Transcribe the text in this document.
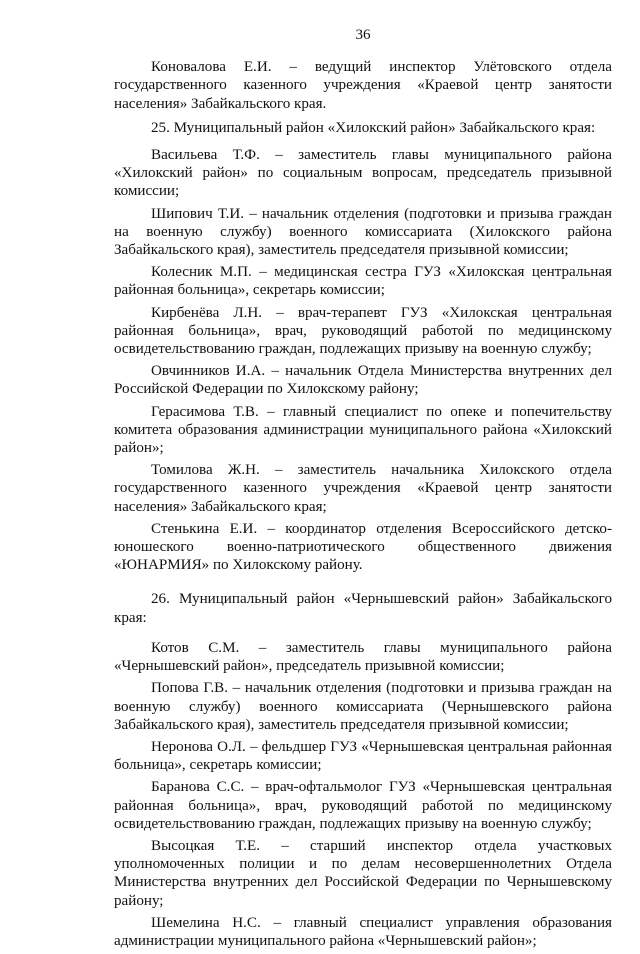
36

Коновалова Е.И. – ведущий инспектор Улётовского отдела государственного казенного учреждения «Краевой центр занятости населения» Забайкальского края.

25. Муниципальный район «Хилокский район» Забайкальского края:

Васильева Т.Ф. – заместитель главы муниципального района «Хилокский район» по социальным вопросам, председатель призывной комиссии;

Шипович Т.И. – начальник отделения (подготовки и призыва граждан на военную службу) военного комиссариата (Хилокского района Забайкальского края), заместитель председателя призывной комиссии;

Колесник М.П. – медицинская сестра ГУЗ «Хилокская центральная районная больница», секретарь комиссии;

Кирбенёва Л.Н. – врач-терапевт ГУЗ «Хилокская центральная районная больница», врач, руководящий работой по медицинскому освидетельствованию граждан, подлежащих призыву на военную службу;

Овчинников И.А. – начальник Отдела Министерства внутренних дел Российской Федерации по Хилокскому району;

Герасимова Т.В. – главный специалист по опеке и попечительству комитета образования администрации муниципального района «Хилокский район»;

Томилова Ж.Н. – заместитель начальника Хилокского отдела государственного казенного учреждения «Краевой центр занятости населения» Забайкальского края;

Стенькина Е.И. – координатор отделения Всероссийского детско-юношеского военно-патриотического общественного движения «ЮНАРМИЯ» по Хилокскому району.

26. Муниципальный район «Чернышевский район» Забайкальского края:

Котов С.М. – заместитель главы муниципального района «Чернышевский район», председатель призывной комиссии;

Попова Г.В. – начальник отделения (подготовки и призыва граждан на военную службу) военного комиссариата (Чернышевского района Забайкальского края), заместитель председателя призывной комиссии;

Неронова О.Л. – фельдшер ГУЗ «Чернышевская центральная районная больница», секретарь комиссии;

Баранова С.С. – врач-офтальмолог ГУЗ «Чернышевская центральная районная больница», врач, руководящий работой по медицинскому освидетельствованию граждан, подлежащих призыву на военную службу;

Высоцкая Т.Е. – старший инспектор отдела участковых уполномоченных полиции и по делам несовершеннолетних Отдела Министерства внутренних дел Российской Федерации по Чернышевскому району;

Шемелина Н.С. – главный специалист управления образования администрации муниципального района «Чернышевский район»;
